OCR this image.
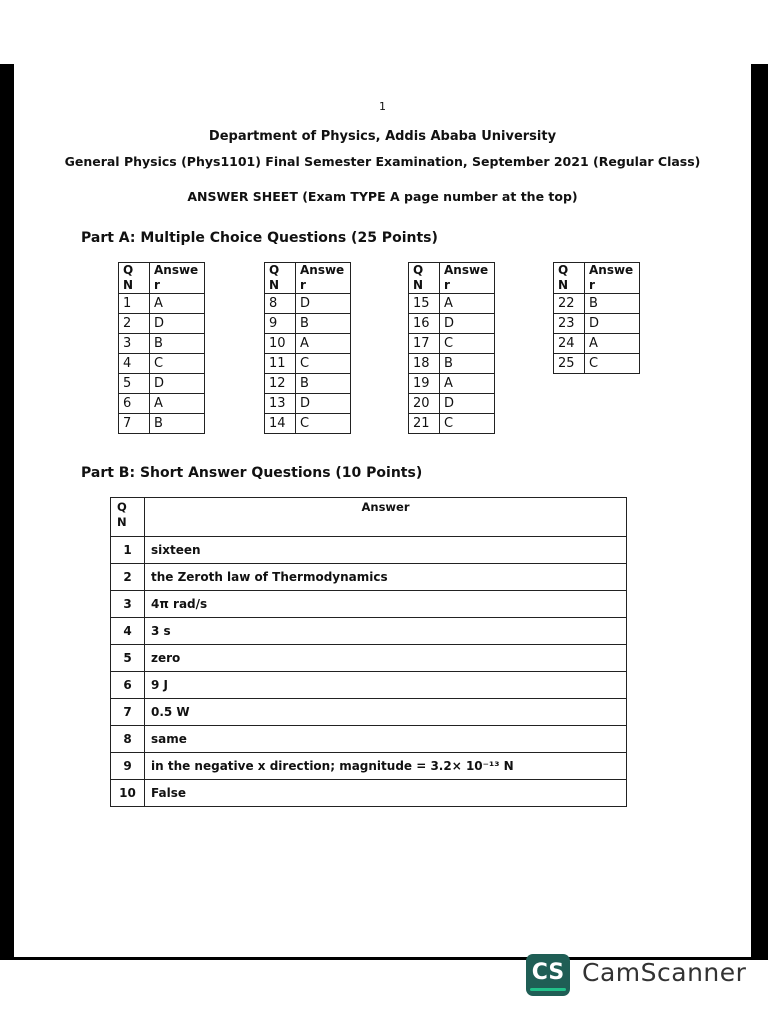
1
Department of Physics, Addis Ababa University
General Physics (Phys1101) Final Semester Examination, September 2021 (Regular Class)
ANSWER SHEET (Exam TYPE A page number at the top)
Part A: Multiple Choice Questions (25 Points)
Q
N	Answe
r
1	A
2	D
3	B
4	C
5	D
6	A
7	B
Q
N	Answe
r
8	D
9	B
10	A
11	C
12	B
13	D
14	C
Q
N	Answe
r
15	A
16	D
17	C
18	B
19	A
20	D
21	C
Q
N	Answe
r
22	B
23	D
24	A
25	C
Part B: Short Answer Questions (10 Points)
Q
N	Answer
1	sixteen
2	the Zeroth law of Thermodynamics
3	4π rad/s
4	3 s
5	zero
6	9 J
7	0.5 W
8	same
9	in the negative x direction; magnitude = 3.2× 10⁻¹³ N
10	False
CS CamScanner
